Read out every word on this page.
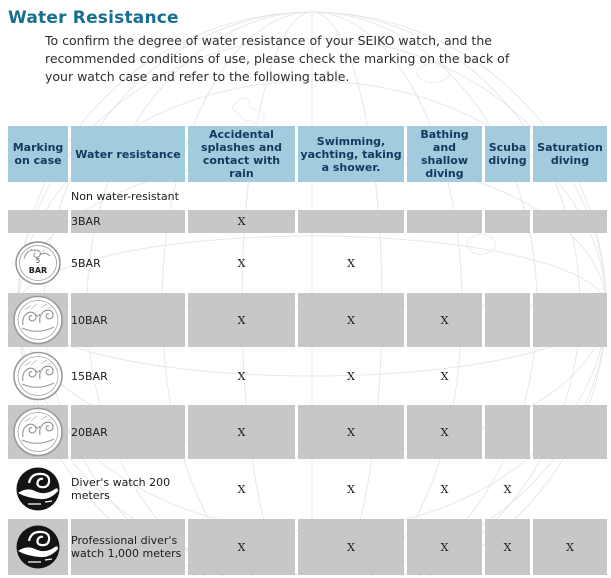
Water Resistance

To confirm the degree of water resistance of your SEIKO watch, and the recommended conditions of use, please check the marking on the back of your watch case and refer to the following table.

Marking on case	Water resistance	Accidental splashes and contact with rain	Swimming, yachting, taking a shower.	Bathing and shallow diving	Scuba diving	Saturation diving
	Non water-resistant					
	3BAR	X				

5
BAR	5BAR	X	X			

	10BAR	X	X	X		

	15BAR	X	X	X		

	20BAR	X	X	X		

	Diver's watch 200 meters	X	X	X	X	

	Professional diver's watch 1,000 meters	X	X	X	X	X
